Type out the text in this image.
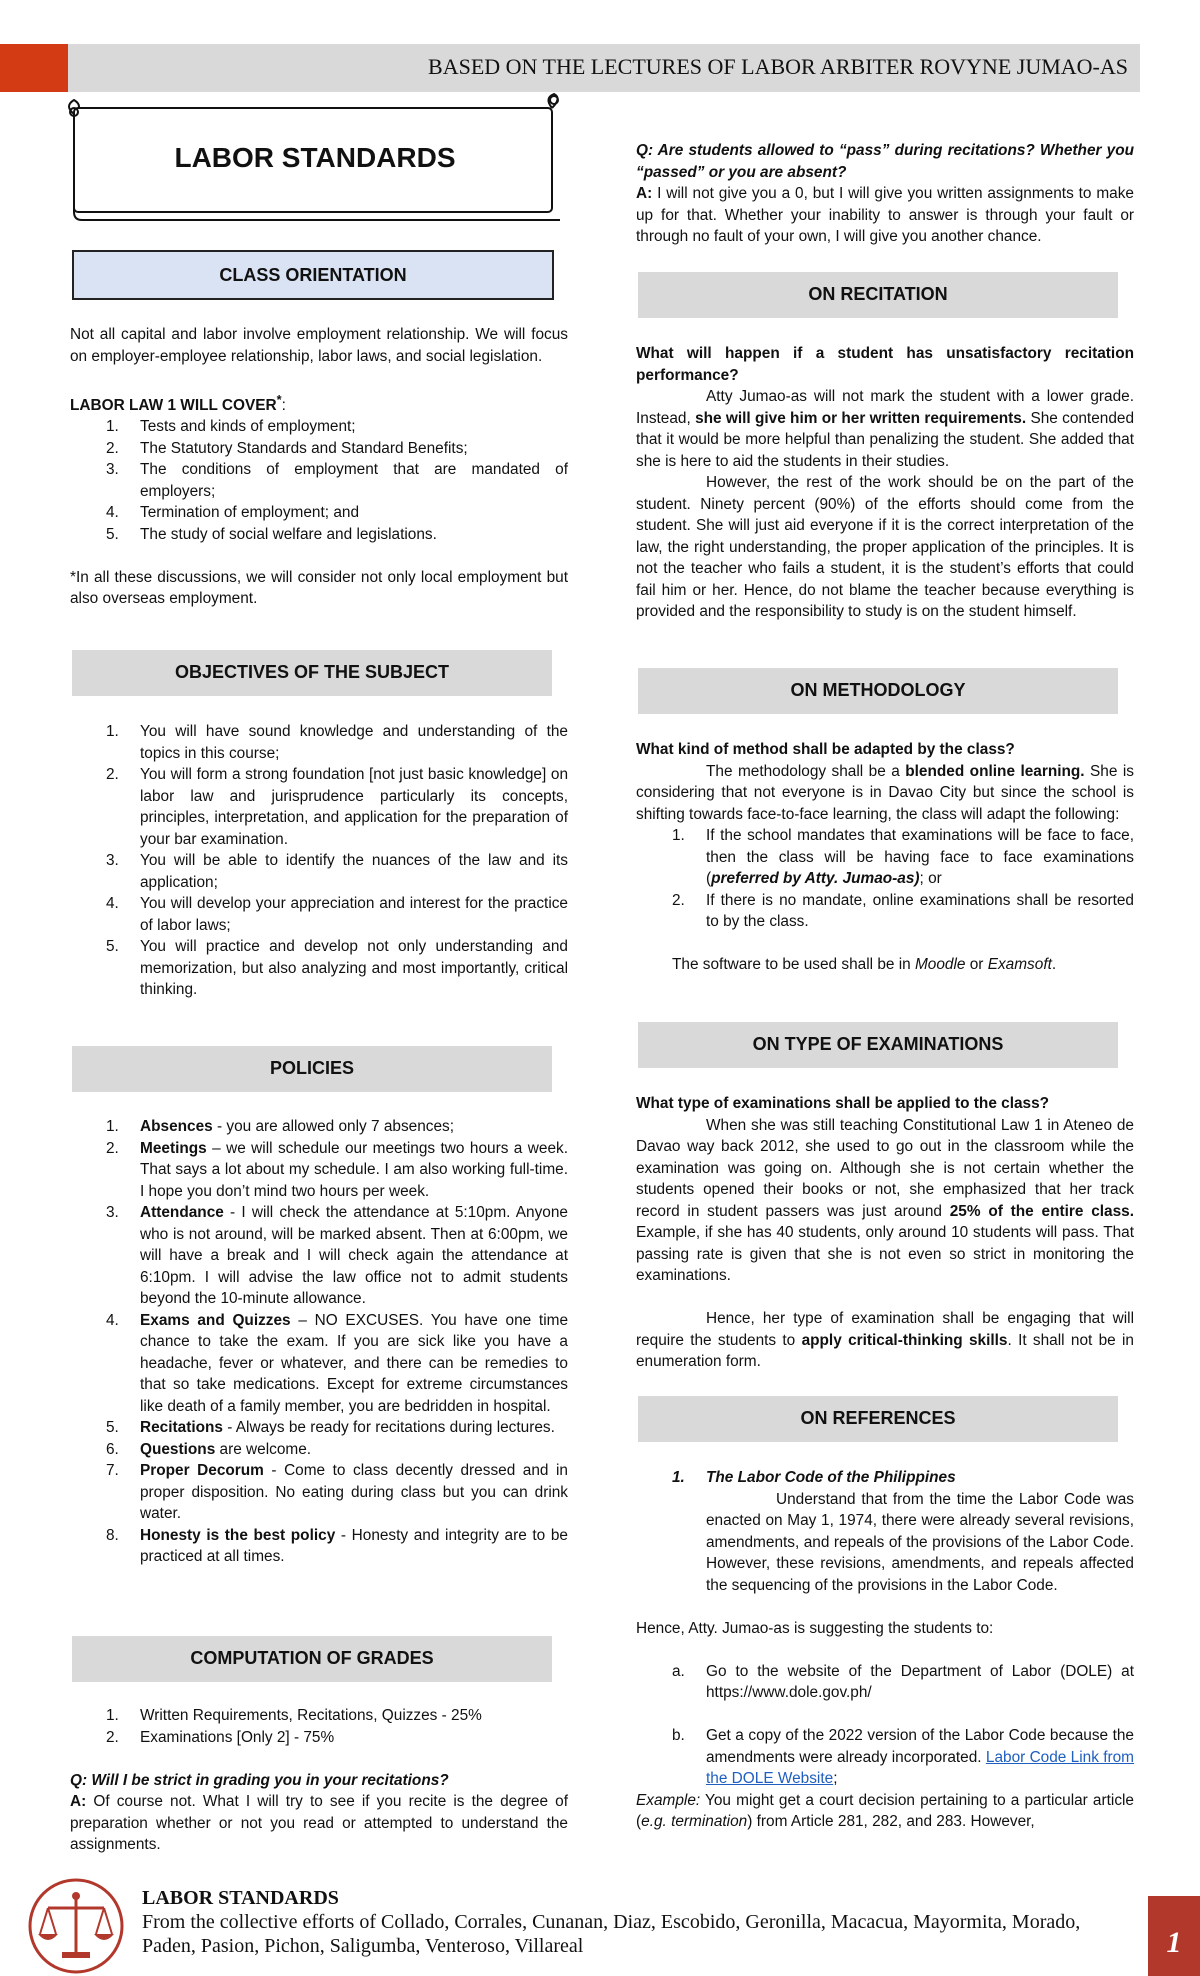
BASED ON THE LECTURES OF LABOR ARBITER ROVYNE JUMAO-AS
LABOR STANDARDS
CLASS ORIENTATION

Not all capital and labor involve employment relationship. We will focus on employer-employee relationship, labor laws, and social legislation.

LABOR LAW 1 WILL COVER*:

1. Tests and kinds of employment;
2. The Statutory Standards and Standard Benefits;
3. The conditions of employment that are mandated of employers;
4. Termination of employment; and
5. The study of social welfare and legislations.

*In all these discussions, we will consider not only local employment but also overseas employment.

OBJECTIVES OF THE SUBJECT
1. You will have sound knowledge and understanding of the topics in this course;
2. You will form a strong foundation [not just basic knowledge] on labor law and jurisprudence particularly its concepts, principles, interpretation, and application for the preparation of your bar examination.
3. You will be able to identify the nuances of the law and its application;
4. You will develop your appreciation and interest for the practice of labor laws;
5. You will practice and develop not only understanding and memorization, but also analyzing and most importantly, critical thinking.
POLICIES
1. Absences - you are allowed only 7 absences;
2. Meetings – we will schedule our meetings two hours a week. That says a lot about my schedule. I am also working full-time. I hope you don’t mind two hours per week.
3. Attendance - I will check the attendance at 5:10pm. Anyone who is not around, will be marked absent. Then at 6:00pm, we will have a break and I will check again the attendance at 6:10pm. I will advise the law office not to admit students beyond the 10-minute allowance.
4. Exams and Quizzes – NO EXCUSES. You have one time chance to take the exam. If you are sick like you have a headache, fever or whatever, and there can be remedies to that so take medications. Except for extreme circumstances like death of a family member, you are bedridden in hospital.
5. Recitations - Always be ready for recitations during lectures.
6. Questions are welcome.
7. Proper Decorum - Come to class decently dressed and in proper disposition. No eating during class but you can drink water.
8. Honesty is the best policy - Honesty and integrity are to be practiced at all times.
COMPUTATION OF GRADES
1. Written Requirements, Recitations, Quizzes - 25%
2. Examinations [Only 2] - 75%

Q: Will I be strict in grading you in your recitations?

A: Of course not. What I will try to see if you recite is the degree of preparation whether or not you read or attempted to understand the assignments.

Q: Are students allowed to “pass” during recitations? Whether you “passed” or you are absent?

A: I will not give you a 0, but I will give you written assignments to make up for that. Whether your inability to answer is through your fault or through no fault of your own, I will give you another chance.

ON RECITATION

What will happen if a student has unsatisfactory recitation performance?

Atty Jumao-as will not mark the student with a lower grade. Instead, she will give him or her written requirements. She contended that it would be more helpful than penalizing the student. She added that she is here to aid the students in their studies.

However, the rest of the work should be on the part of the student. Ninety percent (90%) of the efforts should come from the student. She will just aid everyone if it is the correct interpretation of the law, the right understanding, the proper application of the principles. It is not the teacher who fails a student, it is the student’s efforts that could fail him or her. Hence, do not blame the teacher because everything is provided and the responsibility to study is on the student himself.

ON METHODOLOGY

What kind of method shall be adapted by the class?

The methodology shall be a blended online learning. She is considering that not everyone is in Davao City but since the school is shifting towards face-to-face learning, the class will adapt the following:

1. If the school mandates that examinations will be face to face, then the class will be having face to face examinations (preferred by Atty. Jumao-as); or
2. If there is no mandate, online examinations shall be resorted to by the class.

The software to be used shall be in Moodle or Examsoft.

ON TYPE OF EXAMINATIONS

What type of examinations shall be applied to the class?

When she was still teaching Constitutional Law 1 in Ateneo de Davao way back 2012, she used to go out in the classroom while the examination was going on. Although she is not certain whether the students opened their books or not, she emphasized that her track record in student passers was just around 25% of the entire class. Example, if she has 40 students, only around 10 students will pass. That passing rate is given that she is not even so strict in monitoring the examinations.

Hence, her type of examination shall be engaging that will require the students to apply critical-thinking skills. It shall not be in enumeration form.

ON REFERENCES
1. The Labor Code of the Philippines
Understand that from the time the Labor Code was enacted on May 1, 1974, there were already several revisions, amendments, and repeals of the provisions of the Labor Code. However, these revisions, amendments, and repeals affected the sequencing of the provisions in the Labor Code.

Hence, Atty. Jumao-as is suggesting the students to:

a. Go to the website of the Department of Labor (DOLE) at https://www.dole.gov.ph/
b. Get a copy of the 2022 version of the Labor Code because the amendments were already incorporated. Labor Code Link from the DOLE Website;

Example: You might get a court decision pertaining to a particular article (e.g. termination) from Article 281, 282, and 283. However,

LABOR STANDARDS
From the collective efforts of Collado, Corrales, Cunanan, Diaz, Escobido, Geronilla, Macacua, Mayormita, Morado, Paden, Pasion, Pichon, Saligumba, Venteroso, Villareal	1
